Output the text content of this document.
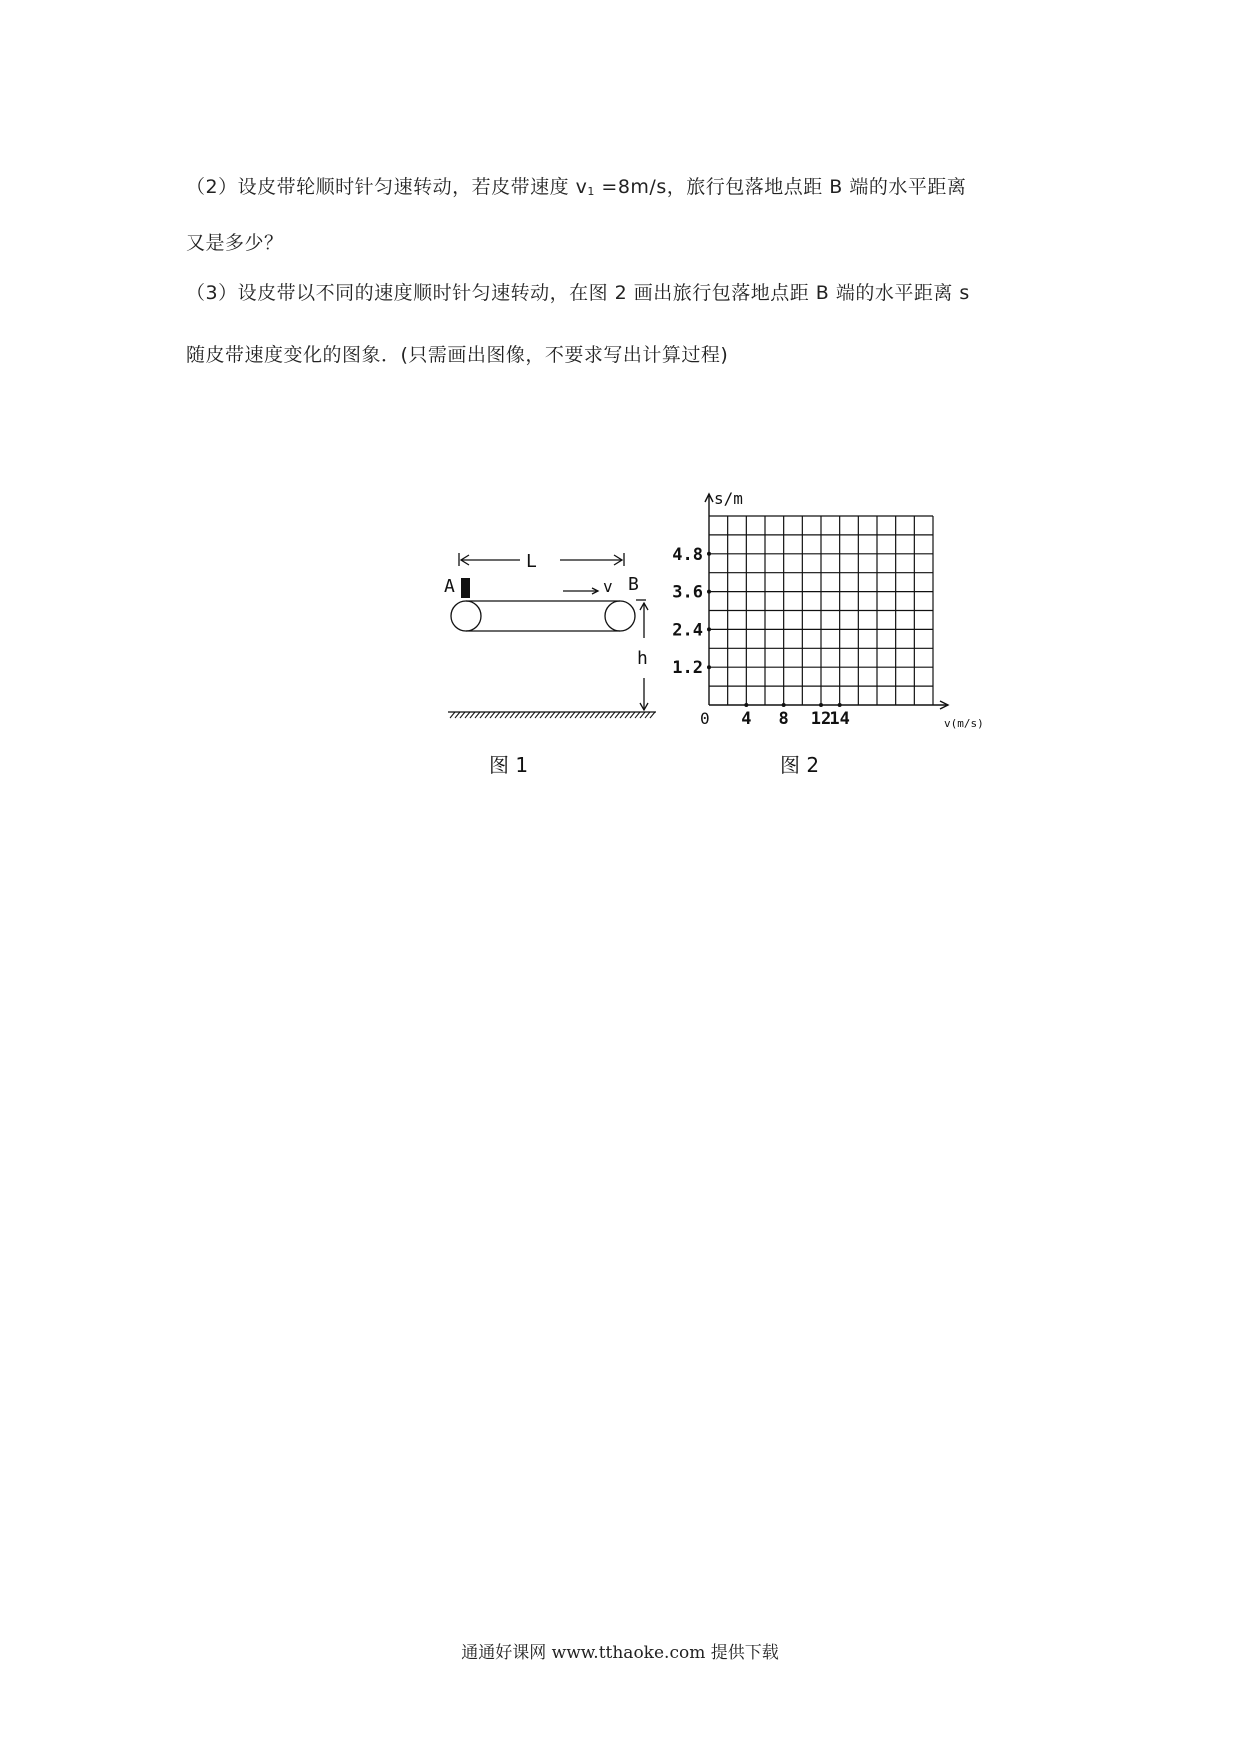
（2）设皮带轮顺时针匀速转动，若皮带速度 $v_1 =8m/s$，旅行包落地点距 B 端的水平距离
又是多少？
（3）设皮带以不同的速度顺时针匀速转动，在图 2 画出旅行包落地点距 B 端的水平距离 s
随皮带速度变化的图象．(只需画出图像，不要求写出计算过程)
L
A	B
v
h
图 1
4 8 12
14
1.2
2.4
3.6
4.8
s/m
v(m/s)
0
图 2
通通好课网 www.tthaoke.com 提供下载
